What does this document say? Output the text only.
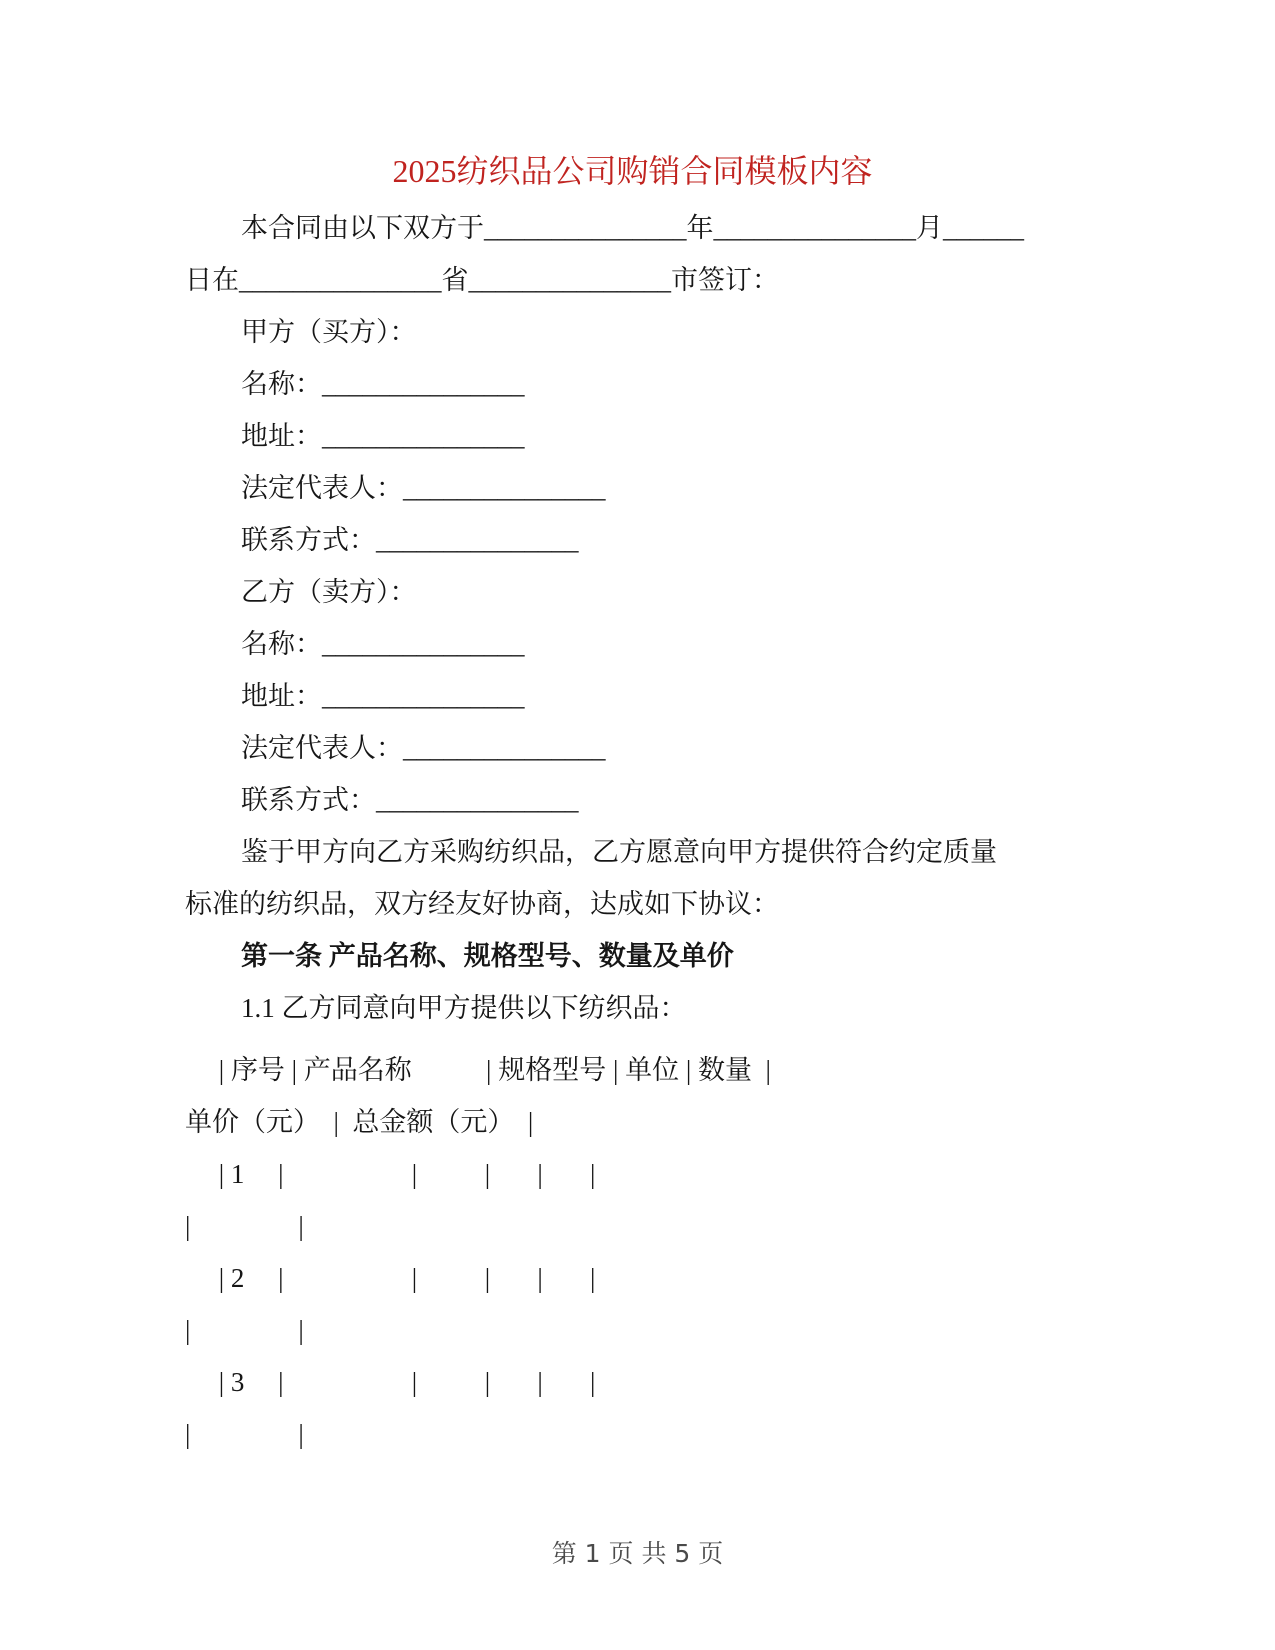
2025纺织品公司购销合同模板内容
本合同由以下双方于_______________年_______________月______
日在_______________省_______________市签订：
甲方（买方）：
名称：_______________
地址：_______________
法定代表人：_______________
联系方式：_______________
乙方（卖方）：
名称：_______________
地址：_______________
法定代表人：_______________
联系方式：_______________
鉴于甲方向乙方采购纺织品，乙方愿意向甲方提供符合约定质量
标准的纺织品，双方经友好协商，达成如下协议：
第一条 产品名称、规格型号、数量及单价
1.1 乙方同意向甲方提供以下纺织品：
| 序号 | 产品名称           | 规格型号 | 单位 | 数量  |
单价（元）  |  总金额（元）  |
| 1     |                   |          |       |       |
|                |
| 2     |                   |          |       |       |
|                |
| 3     |                   |          |       |       |
|                |
第 1 页 共 5 页
